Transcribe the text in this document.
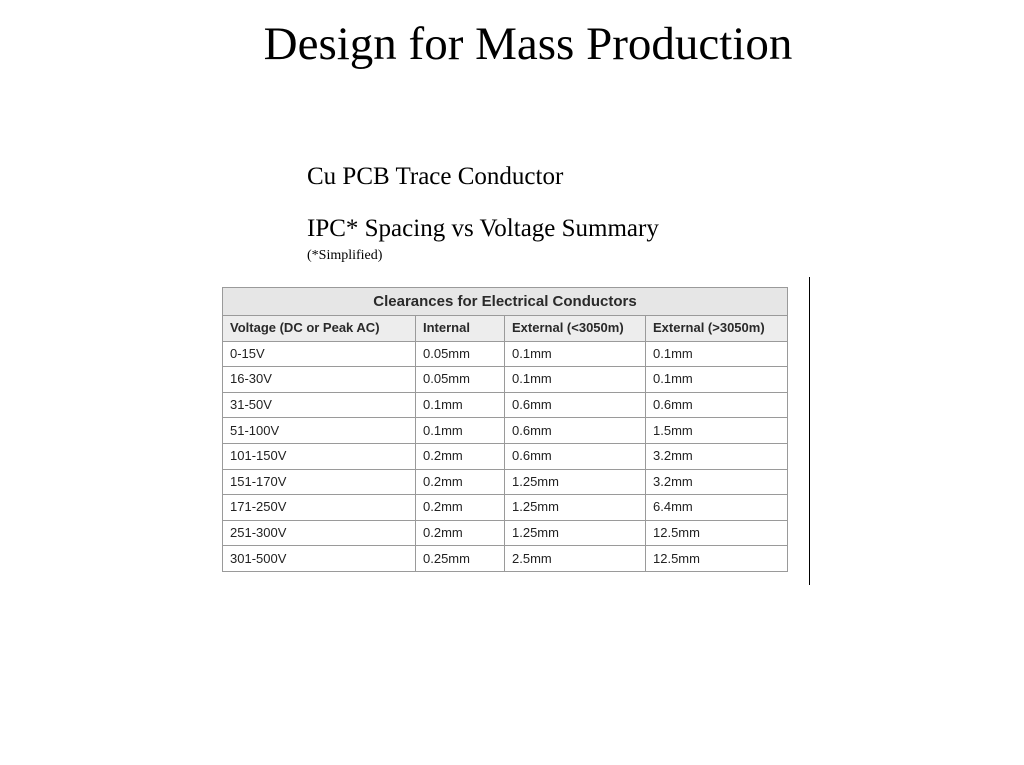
Design for Mass Production
Cu PCB Trace Conductor
IPC* Spacing vs Voltage Summary
(*Simplified)
Clearances for Electrical Conductors			
Voltage (DC or Peak AC)	Internal	External (<3050m)	External (>3050m)
0-15V	0.05mm	0.1mm	0.1mm
16-30V	0.05mm	0.1mm	0.1mm
31-50V	0.1mm	0.6mm	0.6mm
51-100V	0.1mm	0.6mm	1.5mm
101-150V	0.2mm	0.6mm	3.2mm
151-170V	0.2mm	1.25mm	3.2mm
171-250V	0.2mm	1.25mm	6.4mm
251-300V	0.2mm	1.25mm	12.5mm
301-500V	0.25mm	2.5mm	12.5mm
